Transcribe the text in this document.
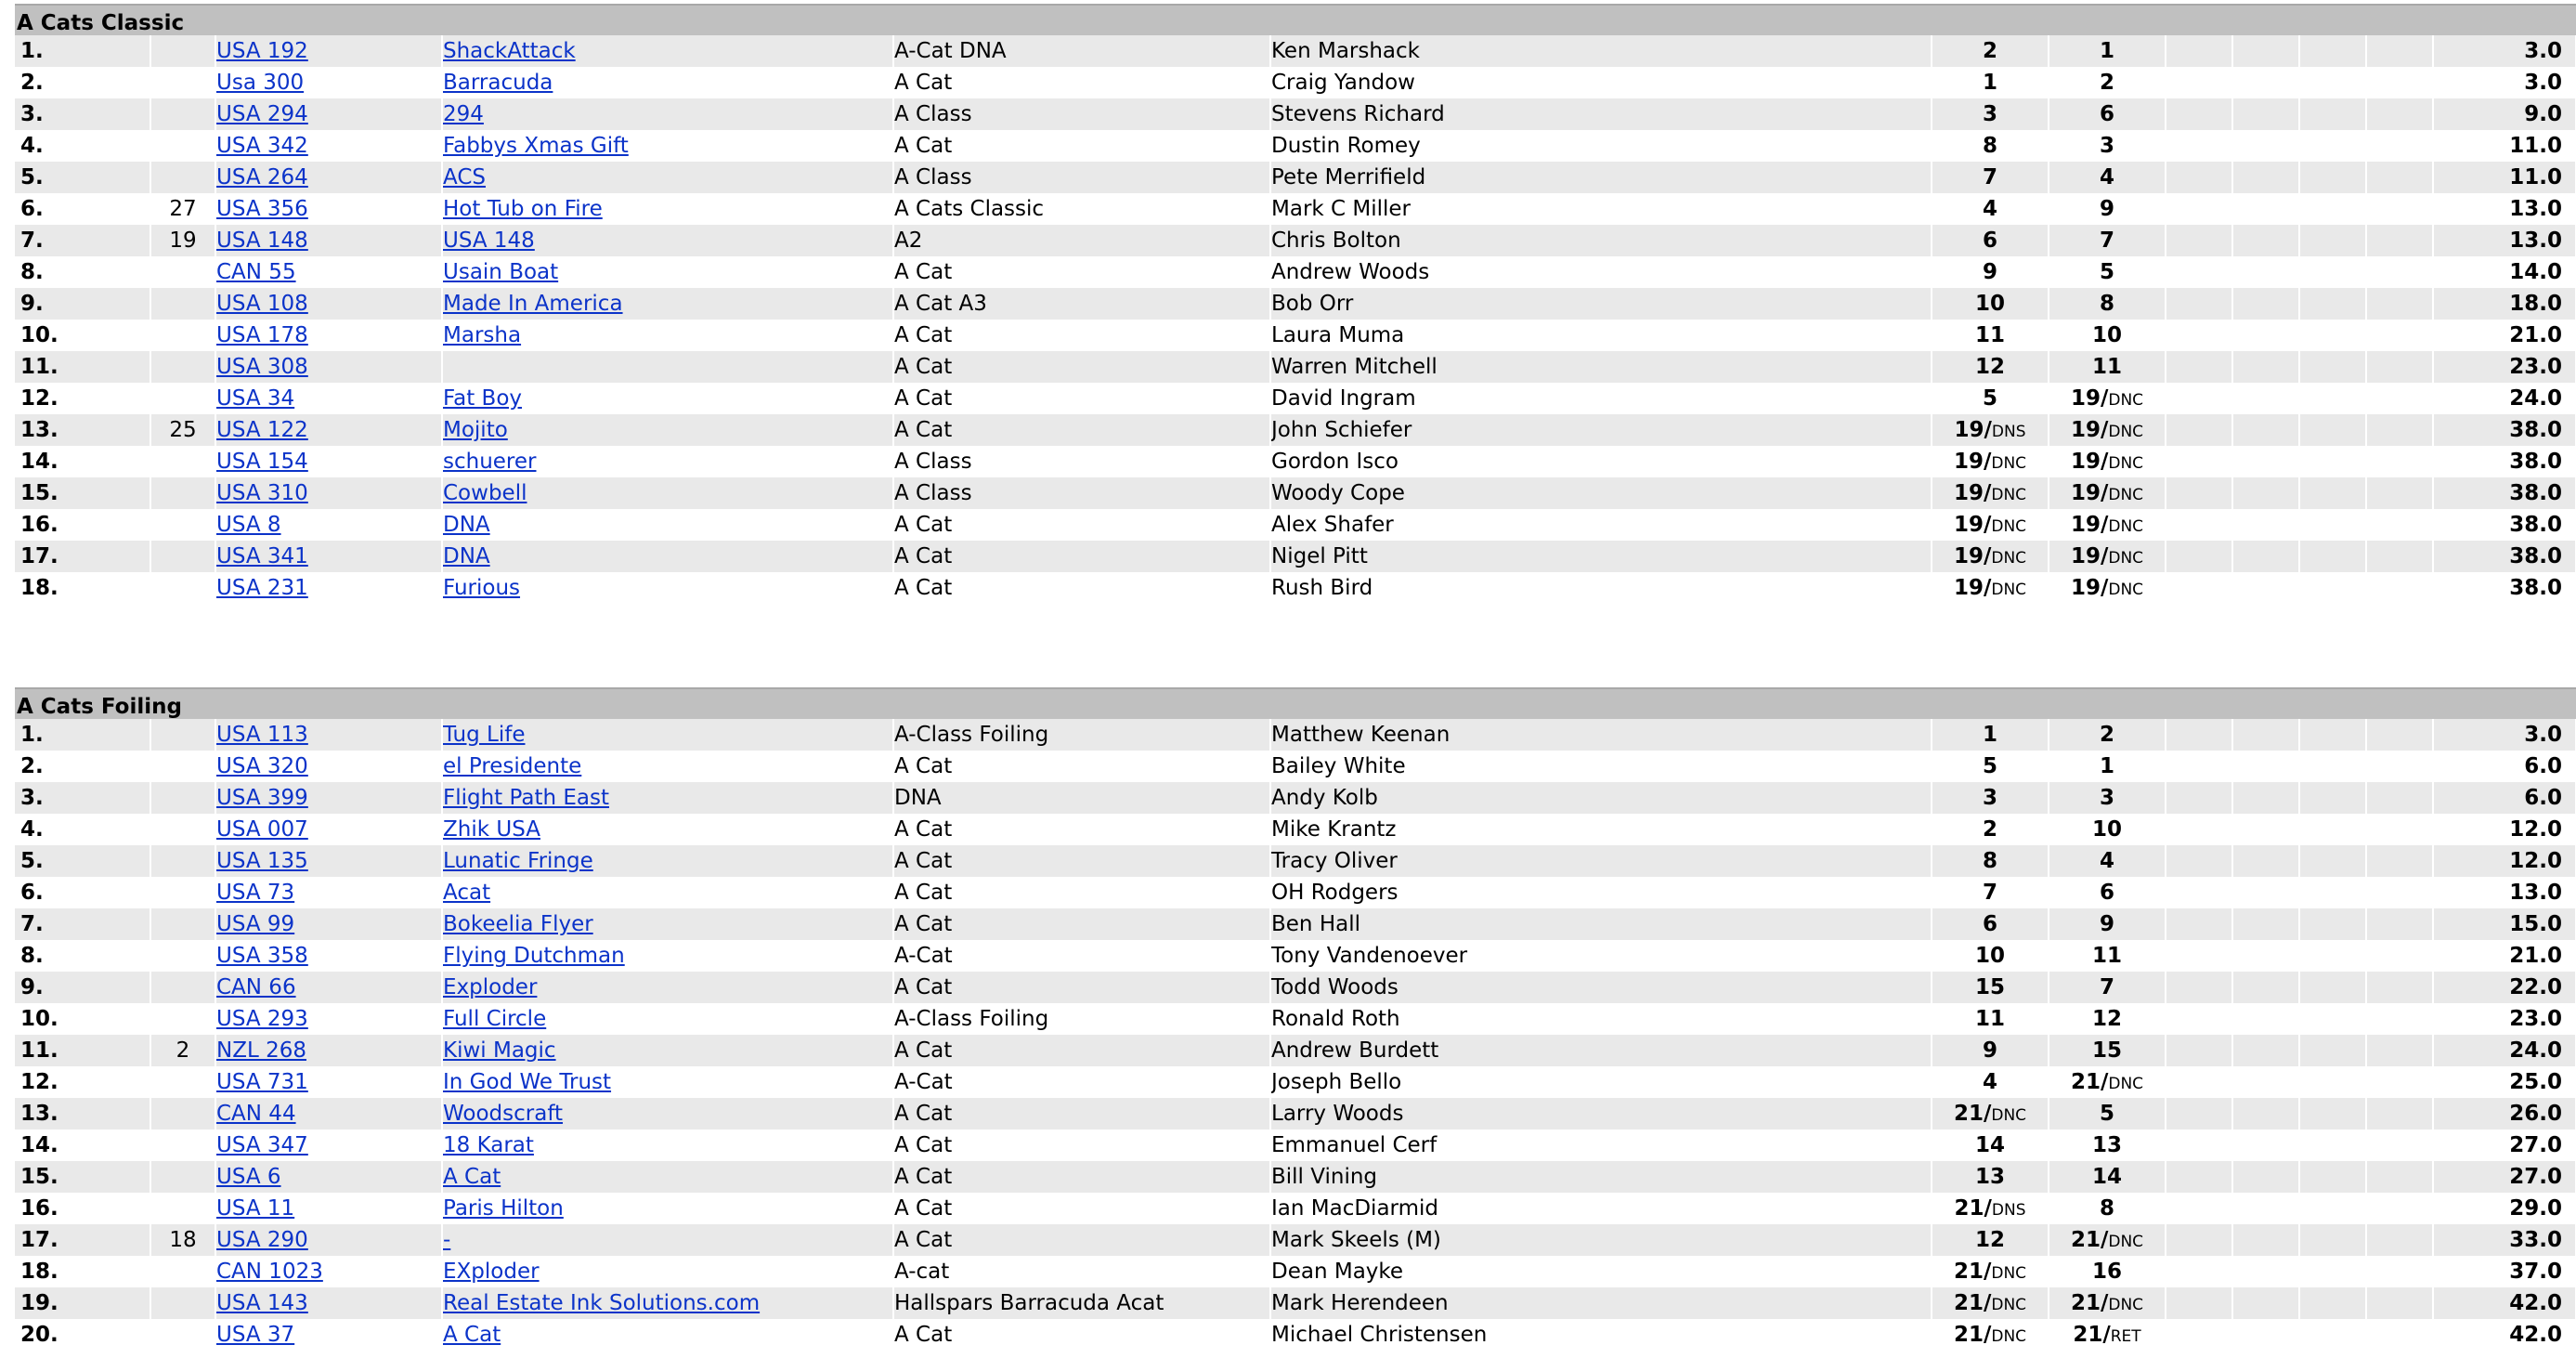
A Cats Classic
1.		USA 192	ShackAttack	A-Cat DNA	Ken Marshack	2	1					3.0
2.		Usa 300	Barracuda	A Cat	Craig Yandow	1	2					3.0
3.		USA 294	294	A Class	Stevens Richard	3	6					9.0
4.		USA 342	Fabbys Xmas Gift	A Cat	Dustin Romey	8	3					11.0
5.		USA 264	ACS	A Class	Pete Merrifield	7	4					11.0
6.	27	USA 356	Hot Tub on Fire	A Cats Classic	Mark C Miller	4	9					13.0
7.	19	USA 148	USA 148	A2	Chris Bolton	6	7					13.0
8.		CAN 55	Usain Boat	A Cat	Andrew Woods	9	5					14.0
9.		USA 108	Made In America	A Cat A3	Bob Orr	10	8					18.0
10.		USA 178	Marsha	A Cat	Laura Muma	11	10					21.0
11.		USA 308		A Cat	Warren Mitchell	12	11					23.0
12.		USA 34	Fat Boy	A Cat	David Ingram	5	19/DNC					24.0
13.	25	USA 122	Mojito	A Cat	John Schiefer	19/DNS	19/DNC					38.0
14.		USA 154	schuerer	A Class	Gordon Isco	19/DNC	19/DNC					38.0
15.		USA 310	Cowbell	A Class	Woody Cope	19/DNC	19/DNC					38.0
16.		USA 8	DNA	A Cat	Alex Shafer	19/DNC	19/DNC					38.0
17.		USA 341	DNA	A Cat	Nigel Pitt	19/DNC	19/DNC					38.0
18.		USA 231	Furious	A Cat	Rush Bird	19/DNC	19/DNC					38.0
A Cats Foiling
1.		USA 113	Tug Life	A-Class Foiling	Matthew Keenan	1	2					3.0
2.		USA 320	el Presidente	A Cat	Bailey White	5	1					6.0
3.		USA 399	Flight Path East	DNA	Andy Kolb	3	3					6.0
4.		USA 007	Zhik USA	A Cat	Mike Krantz	2	10					12.0
5.		USA 135	Lunatic Fringe	A Cat	Tracy Oliver	8	4					12.0
6.		USA 73	Acat	A Cat	OH Rodgers	7	6					13.0
7.		USA 99	Bokeelia Flyer	A Cat	Ben Hall	6	9					15.0
8.		USA 358	Flying Dutchman	A-Cat	Tony Vandenoever	10	11					21.0
9.		CAN 66	Exploder	A Cat	Todd Woods	15	7					22.0
10.		USA 293	Full Circle	A-Class Foiling	Ronald Roth	11	12					23.0
11.	2	NZL 268	Kiwi Magic	A Cat	Andrew Burdett	9	15					24.0
12.		USA 731	In God We Trust	A-Cat	Joseph Bello	4	21/DNC					25.0
13.		CAN 44	Woodscraft	A Cat	Larry Woods	21/DNC	5					26.0
14.		USA 347	18 Karat	A Cat	Emmanuel Cerf	14	13					27.0
15.		USA 6	A Cat	A Cat	Bill Vining	13	14					27.0
16.		USA 11	Paris Hilton	A Cat	Ian MacDiarmid	21/DNS	8					29.0
17.	18	USA 290	-	A Cat	Mark Skeels (M)	12	21/DNC					33.0
18.		CAN 1023	EXploder	A-cat	Dean Mayke	21/DNC	16					37.0
19.		USA 143	Real Estate Ink Solutions.com	Hallspars Barracuda Acat	Mark Herendeen	21/DNC	21/DNC					42.0
20.		USA 37	A Cat	A Cat	Michael Christensen	21/DNC	21/RET					42.0
